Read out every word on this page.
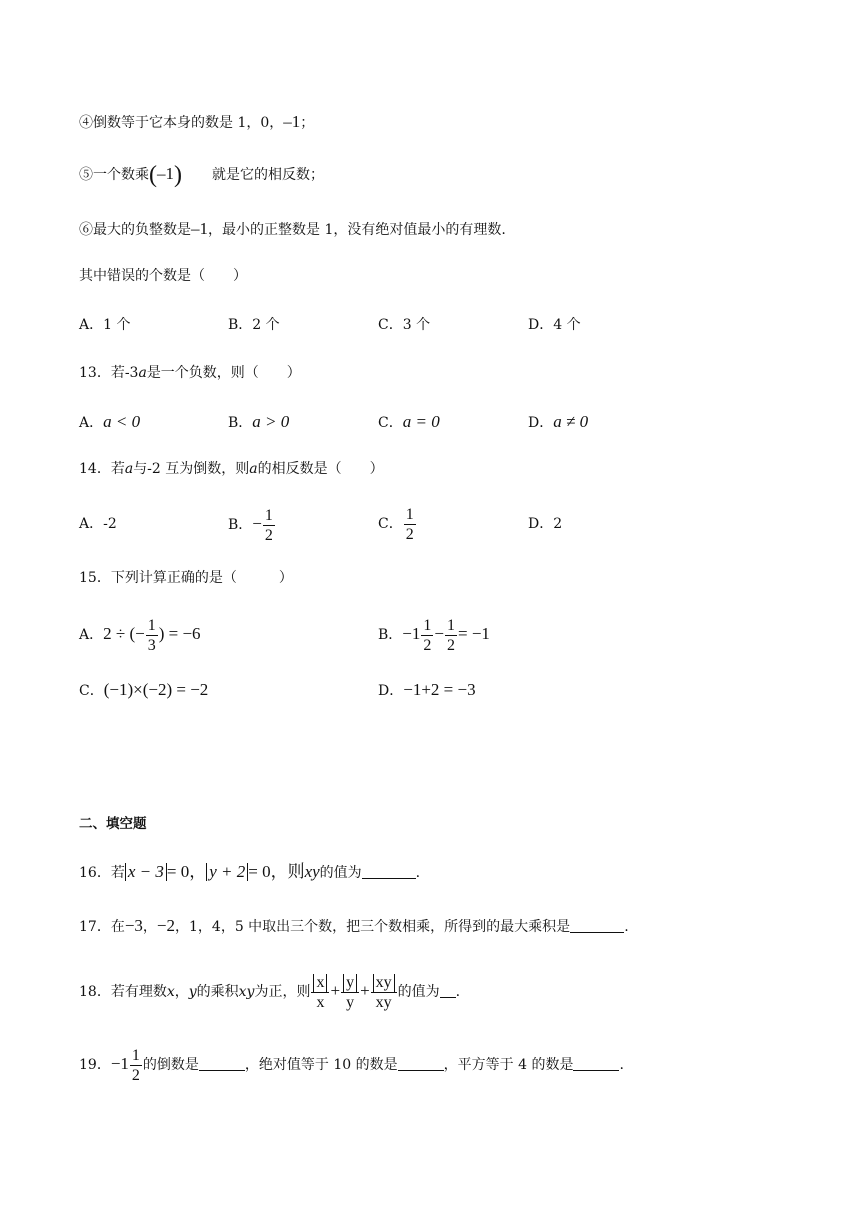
④倒数等于它本身的数是 1，0，–1；
⑤一个数乘(–1) 就是它的相反数；
⑥最大的负整数是–1，最小的正整数是 1，没有绝对值最小的有理数.
其中错误的个数是（　　）
A．1 个	B．2 个	C．3 个	D．4 个
13．若-3a是一个负数，则（　　）
A．a < 0	B．a > 0	C．a = 0	D．a ≠ 0
14．若a与-2 互为倒数，则a的相反数是（　　）
A．-2	B．− $\frac{1}{2}$	C． $\frac{1}{2}$	D．2
15．下列计算正确的是（　　　）
A．2 ÷ (− $\frac{1}{3}$ ) = −6	B．$-1 \frac{1}{2} - \frac{1}{2} = -1$
C．(−1)×(−2) = −2	D．−1+2 = −3
二、填空题
16．若 x − 3 = 0， y + 2 = 0，则xy的值为	.
17．在−3，−2，1，4，5 中取出三个数，把三个数相乘，所得到的最大乘积是	.
18．若有理数x，y的乘积xy为正，则 $\frac{x}{x} + \frac{y}{y} + \frac{xy}{xy}$ 的值为 .
19．$-1 \frac{1}{2}$ 的倒数是	，绝对值等于 10 的数是	，平方等于 4 的数是	.
